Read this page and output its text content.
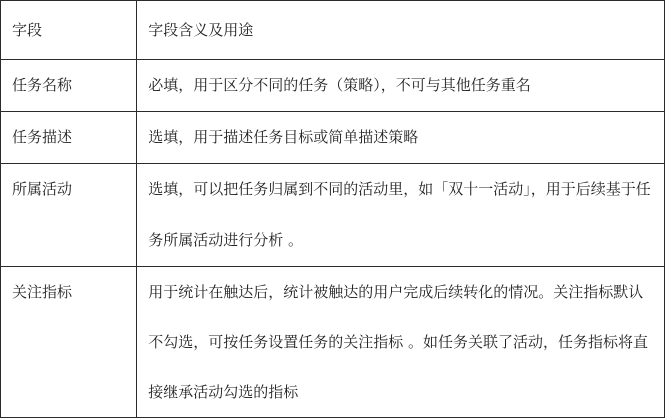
字段	字段含义及用途

任务名称	必填，用于区分不同的任务（策略），不可与其他任务重名

任务描述	选填，用于描述任务目标或简单描述策略

所属活动	选填，可以把任务归属到不同的活动里，如「双十一活动」，用于后续基于任务所属活动进行分析 。

关注指标	用于统计在触达后，统计被触达的用户完成后续转化的情况。关注指标默认不勾选，可按任务设置任务的关注指标 。如任务关联了活动，任务指标将直接继承活动勾选的指标
